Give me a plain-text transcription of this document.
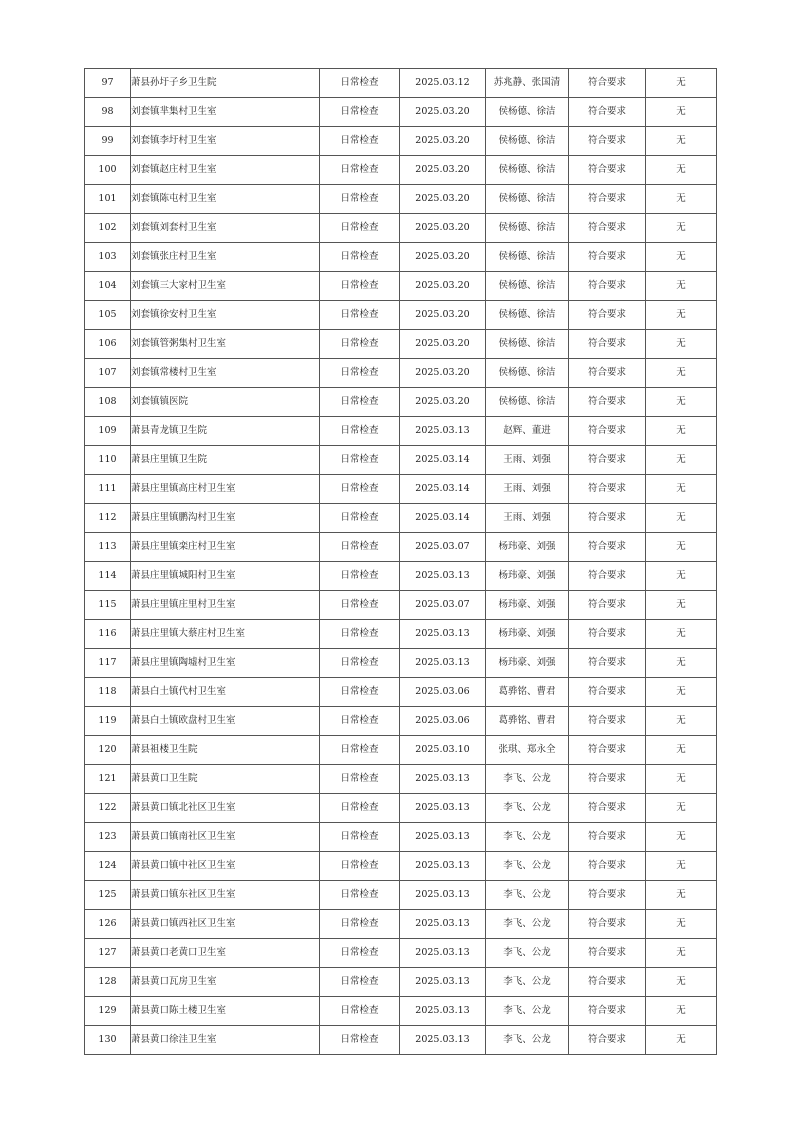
97	萧县孙圩子乡卫生院	日常检查	2025.03.12	苏兆静、张国清	符合要求	无
98	刘套镇芈集村卫生室	日常检查	2025.03.20	侯杨德、徐洁	符合要求	无
99	刘套镇李圩村卫生室	日常检查	2025.03.20	侯杨德、徐洁	符合要求	无
100	刘套镇赵庄村卫生室	日常检查	2025.03.20	侯杨德、徐洁	符合要求	无
101	刘套镇陈屯村卫生室	日常检查	2025.03.20	侯杨德、徐洁	符合要求	无
102	刘套镇刘套村卫生室	日常检查	2025.03.20	侯杨德、徐洁	符合要求	无
103	刘套镇张庄村卫生室	日常检查	2025.03.20	侯杨德、徐洁	符合要求	无
104	刘套镇三大家村卫生室	日常检查	2025.03.20	侯杨德、徐洁	符合要求	无
105	刘套镇徐安村卫生室	日常检查	2025.03.20	侯杨德、徐洁	符合要求	无
106	刘套镇管粥集村卫生室	日常检查	2025.03.20	侯杨德、徐洁	符合要求	无
107	刘套镇常楼村卫生室	日常检查	2025.03.20	侯杨德、徐洁	符合要求	无
108	刘套镇镇医院	日常检查	2025.03.20	侯杨德、徐洁	符合要求	无
109	萧县青龙镇卫生院	日常检查	2025.03.13	赵辉、董进	符合要求	无
110	萧县庄里镇卫生院	日常检查	2025.03.14	王雨、刘强	符合要求	无
111	萧县庄里镇高庄村卫生室	日常检查	2025.03.14	王雨、刘强	符合要求	无
112	萧县庄里镇鹏沟村卫生室	日常检查	2025.03.14	王雨、刘强	符合要求	无
113	萧县庄里镇栾庄村卫生室	日常检查	2025.03.07	杨玮豪、刘强	符合要求	无
114	萧县庄里镇城阳村卫生室	日常检查	2025.03.13	杨玮豪、刘强	符合要求	无
115	萧县庄里镇庄里村卫生室	日常检查	2025.03.07	杨玮豪、刘强	符合要求	无
116	萧县庄里镇大蔡庄村卫生室	日常检查	2025.03.13	杨玮豪、刘强	符合要求	无
117	萧县庄里镇陶墟村卫生室	日常检查	2025.03.13	杨玮豪、刘强	符合要求	无
118	萧县白土镇代村卫生室	日常检查	2025.03.06	葛骅铭、曹君	符合要求	无
119	萧县白土镇欧盘村卫生室	日常检查	2025.03.06	葛骅铭、曹君	符合要求	无
120	萧县祖楼卫生院	日常检查	2025.03.10	张琪、郑永全	符合要求	无
121	萧县黄口卫生院	日常检查	2025.03.13	李飞、公龙	符合要求	无
122	萧县黄口镇北社区卫生室	日常检查	2025.03.13	李飞、公龙	符合要求	无
123	萧县黄口镇南社区卫生室	日常检查	2025.03.13	李飞、公龙	符合要求	无
124	萧县黄口镇中社区卫生室	日常检查	2025.03.13	李飞、公龙	符合要求	无
125	萧县黄口镇东社区卫生室	日常检查	2025.03.13	李飞、公龙	符合要求	无
126	萧县黄口镇西社区卫生室	日常检查	2025.03.13	李飞、公龙	符合要求	无
127	萧县黄口老黄口卫生室	日常检查	2025.03.13	李飞、公龙	符合要求	无
128	萧县黄口瓦房卫生室	日常检查	2025.03.13	李飞、公龙	符合要求	无
129	萧县黄口陈土楼卫生室	日常检查	2025.03.13	李飞、公龙	符合要求	无
130	萧县黄口徐洼卫生室	日常检查	2025.03.13	李飞、公龙	符合要求	无
